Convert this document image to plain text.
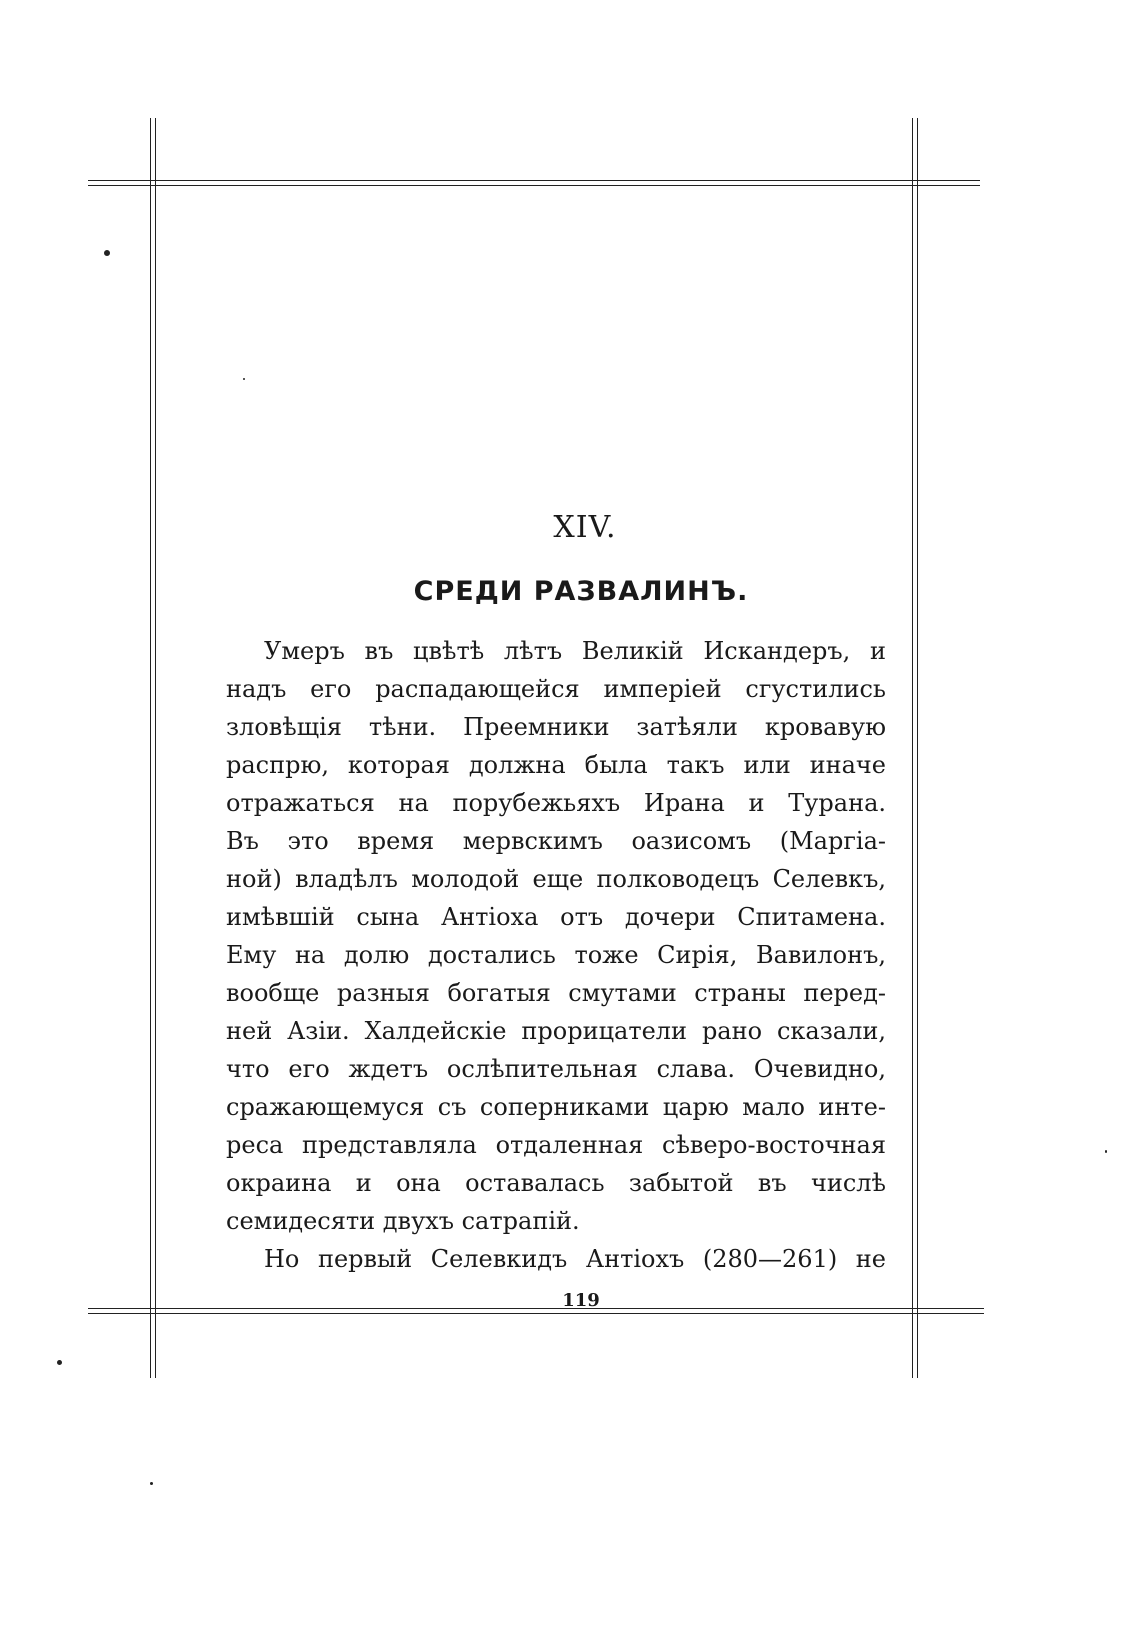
XIV.
СРЕДИ РАЗВАЛИНЪ.
Умеръ въ цвѣтѣ лѣтъ Великій Искандеръ, и
надъ его распадающейся имперіей сгустились
зловѣщія тѣни. Преемники затѣяли кровавую
распрю, которая должна была такъ или иначе
отражаться на порубежьяхъ Ирана и Турана.
Въ это время мервскимъ оазисомъ (Маргіа-
ной) владѣлъ молодой еще полководецъ Селевкъ,
имѣвшій сына Антіоха отъ дочери Спитамена.
Ему на долю достались тоже Сирія, Вавилонъ,
вообще разныя богатыя смутами страны перед-
ней Азіи. Халдейскіе прорицатели рано сказали,
что его ждетъ ослѣпительная слава. Очевидно,
сражающемуся съ соперниками царю мало инте-
реса представляла отдаленная сѣверо-восточная
окраина и она оставалась забытой въ числѣ
семидесяти двухъ сатрапій.
Но первый Селевкидъ Антіохъ (280—261) не
119
